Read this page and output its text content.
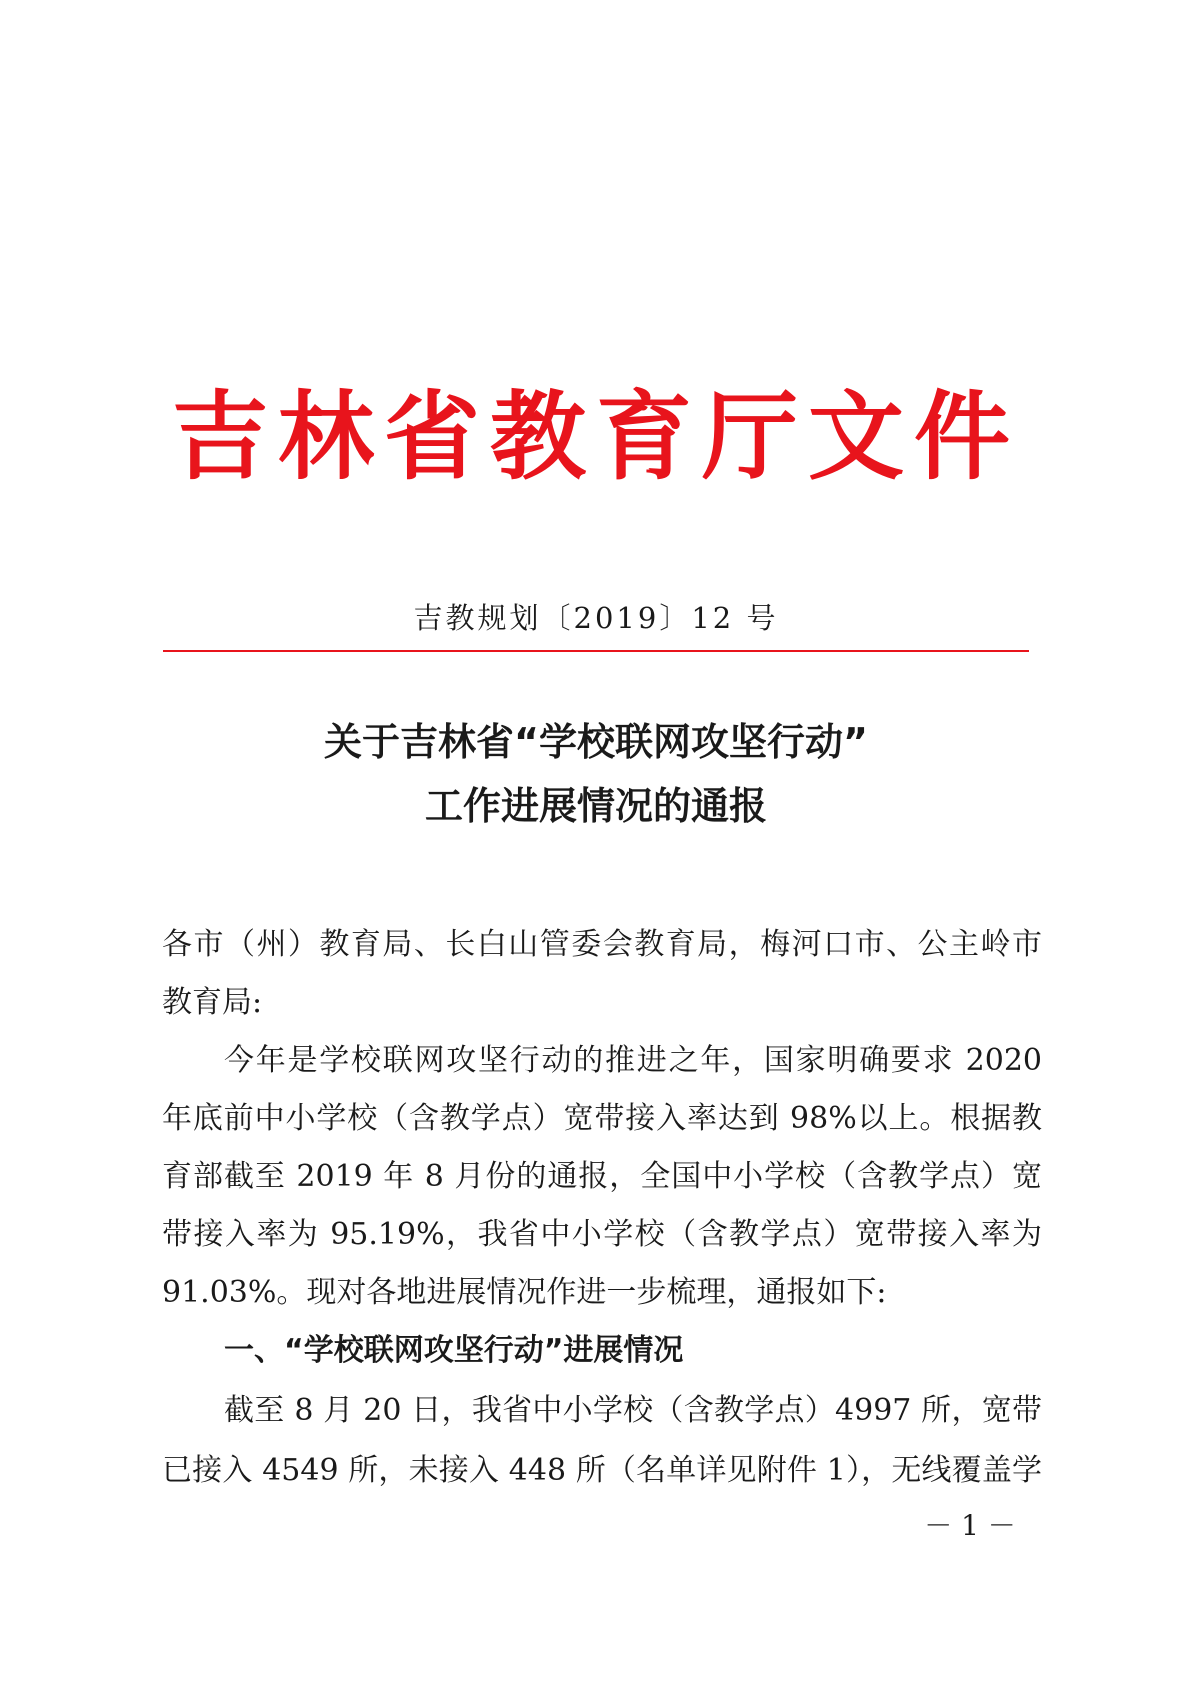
吉林省教育厅文件
吉教规划〔2019〕12 号
关于吉林省“学校联网攻坚行动”
工作进展情况的通报
各市（州）教育局、长白山管委会教育局，梅河口市、公主岭市
教育局:
今年是学校联网攻坚行动的推进之年，国家明确要求 2020
年底前中小学校（含教学点）宽带接入率达到 98%以上。根据教
育部截至 2019 年 8 月份的通报，全国中小学校（含教学点）宽
带接入率为 95.19%，我省中小学校（含教学点）宽带接入率为
91.03%。现对各地进展情况作进一步梳理，通报如下:
一、“学校联网攻坚行动”进展情况
截至 8 月 20 日，我省中小学校（含教学点）4997 所，宽带
已接入 4549 所，未接入 448 所（名单详见附件 1），无线覆盖学
－ 1 －
